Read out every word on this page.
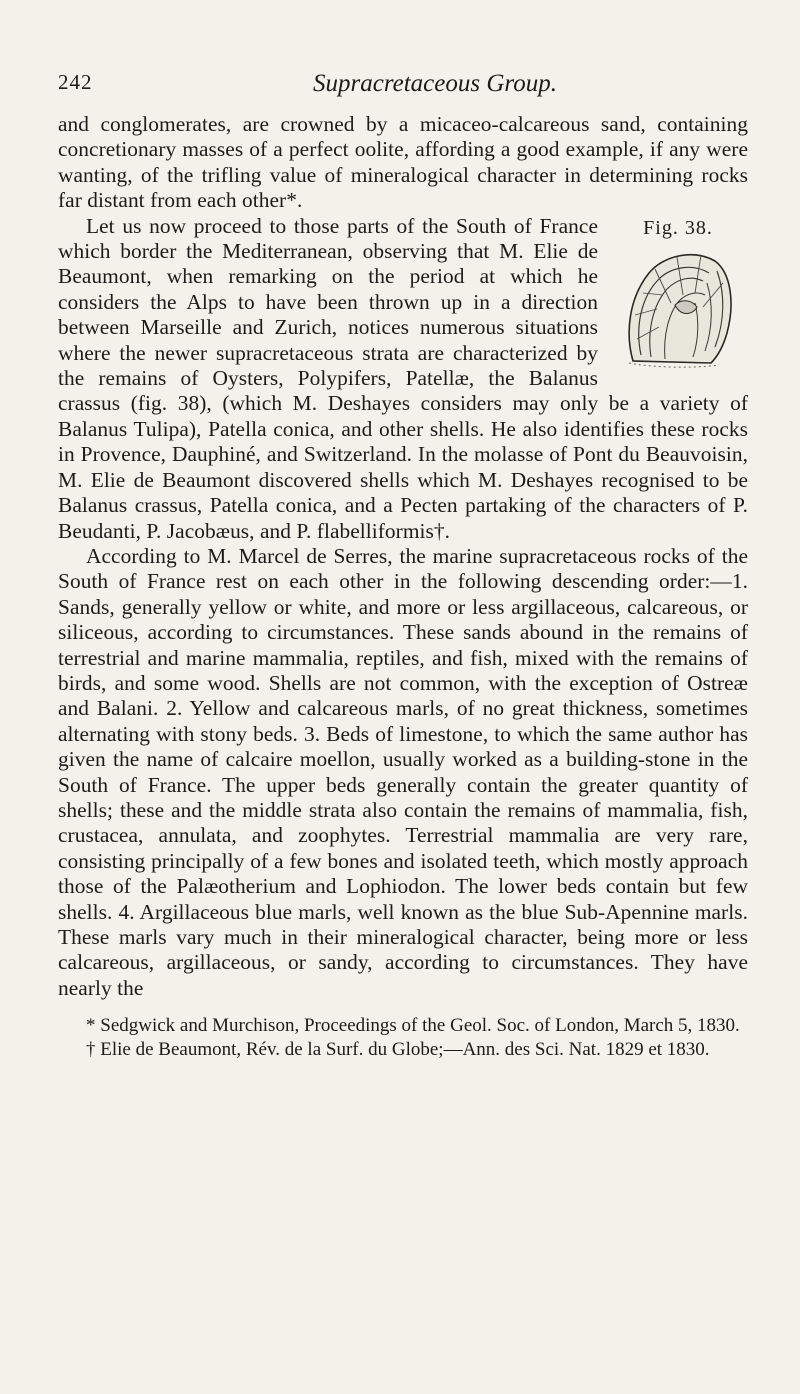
242	Supracretaceous Group.

and conglomerates, are crowned by a micaceo-calcareous sand, containing concretionary masses of a perfect oolite, affording a good example, if any were wanting, of the trifling value of mineralogical character in determining rocks far distant from each other*.

Fig. 38.

Let us now proceed to those parts of the South of France which border the Mediterranean, observing that M. Elie de Beaumont, when remarking on the period at which he considers the Alps to have been thrown up in a direction between Marseille and Zurich, notices numerous situations where the newer supracretaceous strata are characterized by the remains of Oysters, Polypifers, Patellæ, the Balanus crassus (fig. 38), (which M. Deshayes considers may only be a variety of Balanus Tulipa), Patella conica, and other shells. He also identifies these rocks in Provence, Dauphiné, and Switzerland. In the molasse of Pont du Beauvoisin, M. Elie de Beaumont discovered shells which M. Deshayes recognised to be Balanus crassus, Patella conica, and a Pecten partaking of the characters of P. Beudanti, P. Jacobæus, and P. flabelliformis†.

According to M. Marcel de Serres, the marine supracretaceous rocks of the South of France rest on each other in the following descending order:—1. Sands, generally yellow or white, and more or less argillaceous, calcareous, or siliceous, according to circumstances. These sands abound in the remains of terrestrial and marine mammalia, reptiles, and fish, mixed with the remains of birds, and some wood. Shells are not common, with the exception of Ostreæ and Balani. 2. Yellow and calcareous marls, of no great thickness, sometimes alternating with stony beds. 3. Beds of limestone, to which the same author has given the name of calcaire moellon, usually worked as a building-stone in the South of France. The upper beds generally contain the greater quantity of shells; these and the middle strata also contain the remains of mammalia, fish, crustacea, annulata, and zoophytes. Terrestrial mammalia are very rare, consisting principally of a few bones and isolated teeth, which mostly approach those of the Palæotherium and Lophiodon. The lower beds contain but few shells. 4. Argillaceous blue marls, well known as the blue Sub-Apennine marls. These marls vary much in their mineralogical character, being more or less calcareous, argillaceous, or sandy, according to circumstances. They have nearly the

* Sedgwick and Murchison, Proceedings of the Geol. Soc. of London, March 5, 1830.

† Elie de Beaumont, Rév. de la Surf. du Globe;—Ann. des Sci. Nat. 1829 et 1830.
